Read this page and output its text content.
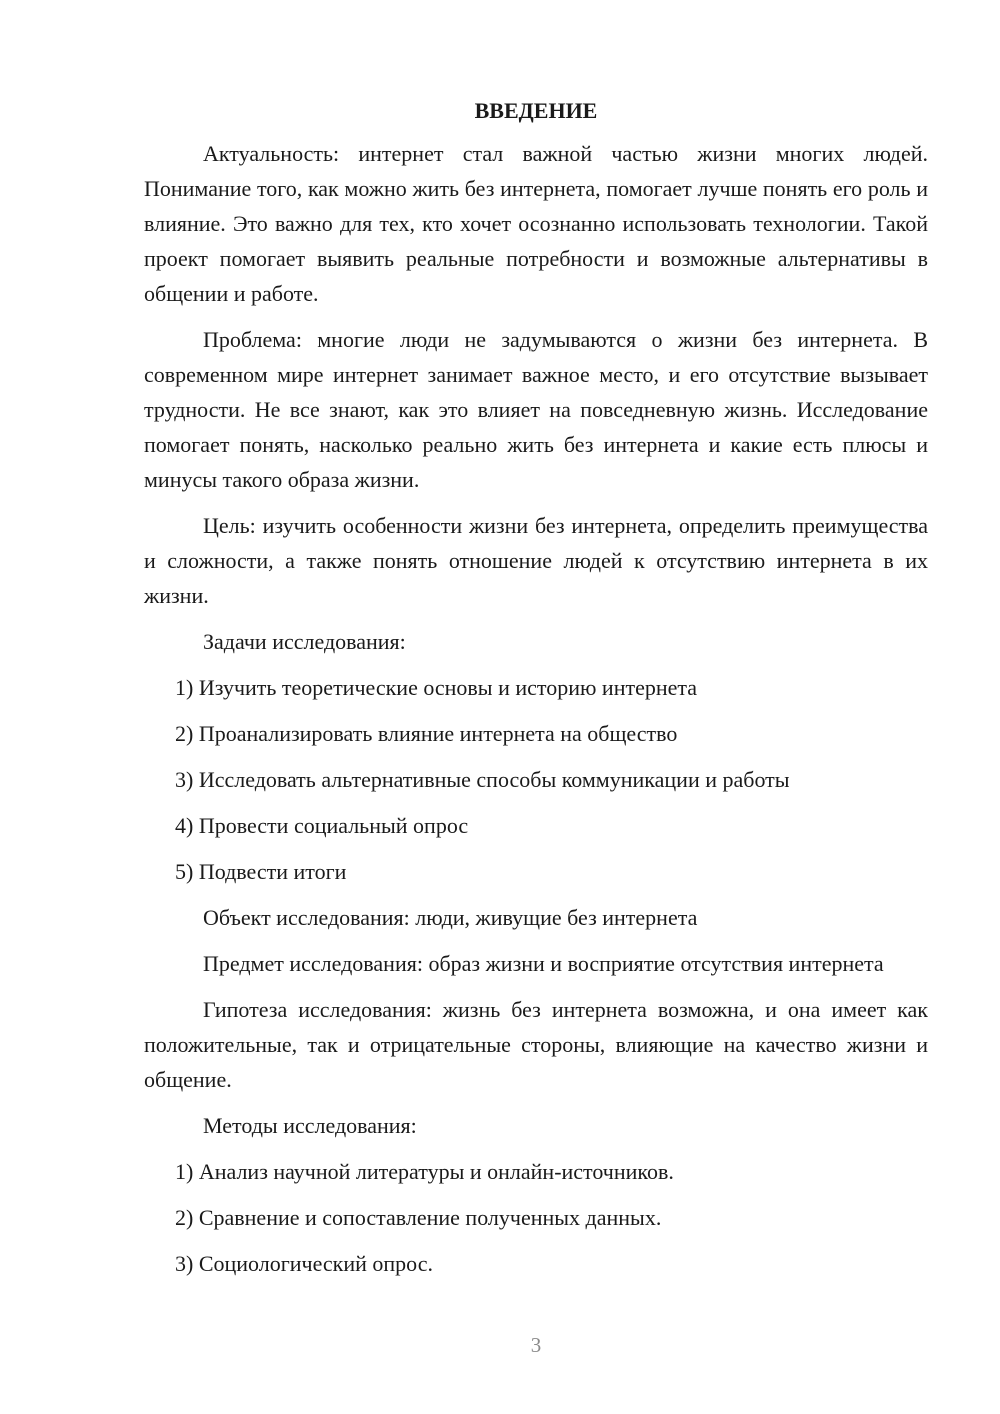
ВВЕДЕНИЕ

Актуальность: интернет стал важной частью жизни многих людей. Понимание того, как можно жить без интернета, помогает лучше понять его роль и влияние. Это важно для тех, кто хочет осознанно использовать технологии. Такой проект помогает выявить реальные потребности и возможные альтернативы в общении и работе.

Проблема: многие люди не задумываются о жизни без интернета. В современном мире интернет занимает важное место, и его отсутствие вызывает трудности. Не все знают, как это влияет на повседневную жизнь. Исследование помогает понять, насколько реально жить без интернета и какие есть плюсы и минусы такого образа жизни.

Цель: изучить особенности жизни без интернета, определить преимущества и сложности, а также понять отношение людей к отсутствию интернета в их жизни.

Задачи исследования:

1) Изучить теоретические основы и историю интернета
2) Проанализировать влияние интернета на общество
3) Исследовать альтернативные способы коммуникации и работы
4) Провести социальный опрос
5) Подвести итоги

Объект исследования: люди, живущие без интернета

Предмет исследования: образ жизни и восприятие отсутствия интернета

Гипотеза исследования: жизнь без интернета возможна, и она имеет как положительные, так и отрицательные стороны, влияющие на качество жизни и общение.

Методы исследования:

1) Анализ научной литературы и онлайн-источников.
2) Сравнение и сопоставление полученных данных.
3) Социологический опрос.
3
